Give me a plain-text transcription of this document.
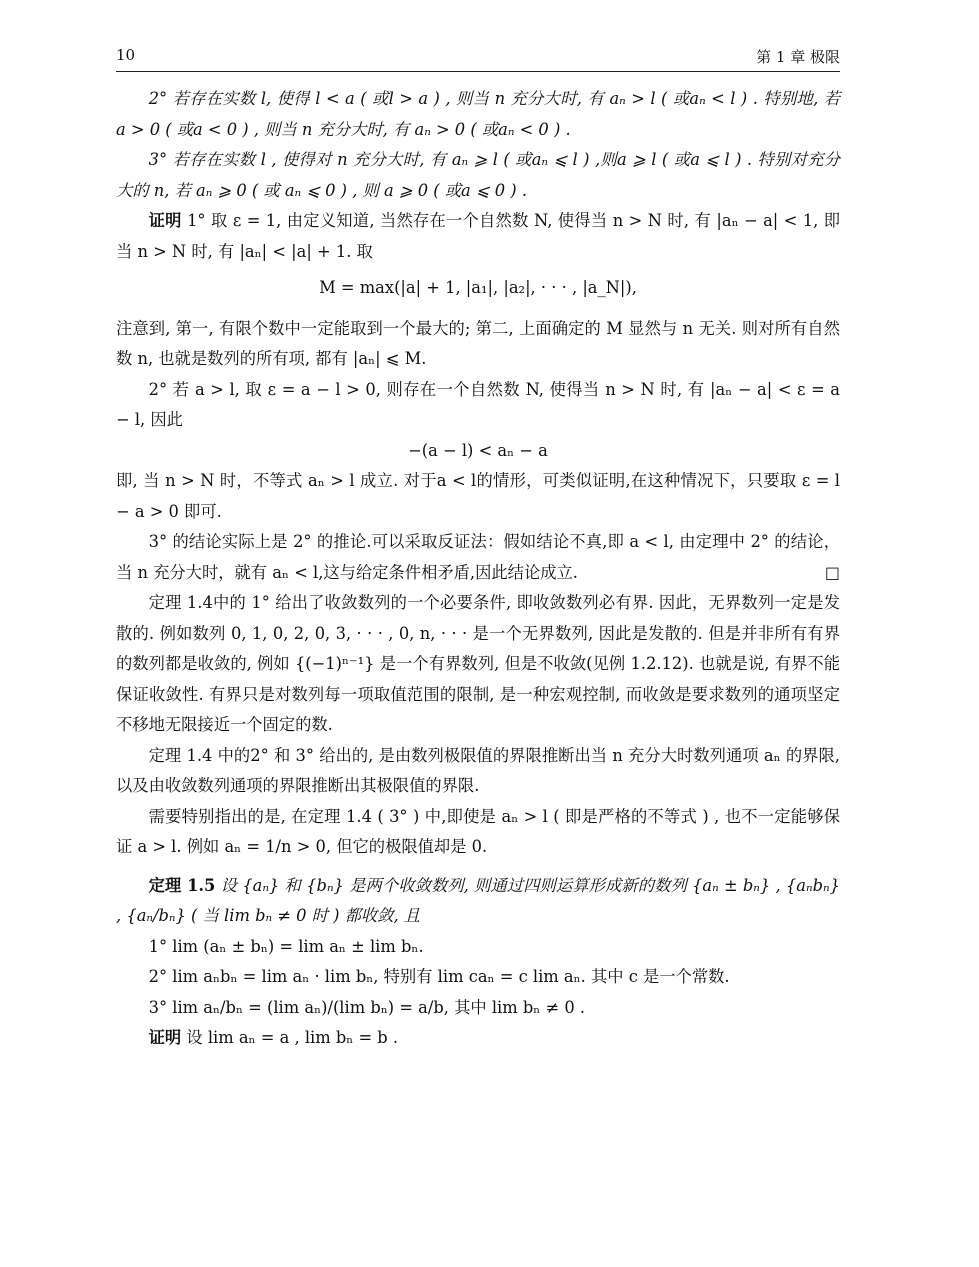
10	第 1 章 极限

2° 若存在实数 l, 使得 l < a ( 或l > a ) , 则当 n 充分大时, 有 aₙ > l ( 或aₙ < l ) . 特别地, 若 a > 0 ( 或a < 0 ) , 则当 n 充分大时, 有 aₙ > 0 ( 或aₙ < 0 ) .

3° 若存在实数 l , 使得对 n 充分大时, 有 aₙ ⩾ l ( 或aₙ ⩽ l ) ,则a ⩾ l ( 或a ⩽ l ) . 特别对充分大的 n, 若 aₙ ⩾ 0 ( 或 aₙ ⩽ 0 ) , 则 a ⩾ 0 ( 或a ⩽ 0 ) .

证明 1° 取 ε = 1, 由定义知道, 当然存在一个自然数 N, 使得当 n > N 时, 有 |aₙ − a| < 1, 即当 n > N 时, 有 |aₙ| < |a| + 1. 取

M = max(|a| + 1, |a₁|, |a₂|, · · · , |a_N|),

注意到, 第一, 有限个数中一定能取到一个最大的; 第二, 上面确定的 M 显然与 n 无关. 则对所有自然数 n, 也就是数列的所有项, 都有 |aₙ| ⩽ M.

2° 若 a > l, 取 ε = a − l > 0, 则存在一个自然数 N, 使得当 n > N 时, 有 |aₙ − a| < ε = a − l, 因此

−(a − l) < aₙ − a

即, 当 n > N 时，不等式 aₙ > l 成立. 对于a < l的情形，可类似证明,在这种情况下，只要取 ε = l − a > 0 即可.

3° 的结论实际上是 2° 的推论.可以采取反证法：假如结论不真,即 a < l, 由定理中 2° 的结论，当 n 充分大时，就有 aₙ < l,这与给定条件相矛盾,因此结论成立.	□

定理 1.4中的 1° 给出了收敛数列的一个必要条件, 即收敛数列必有界. 因此，无界数列一定是发散的. 例如数列 0, 1, 0, 2, 0, 3, · · · , 0, n, · · · 是一个无界数列, 因此是发散的. 但是并非所有有界的数列都是收敛的, 例如 {(−1)ⁿ⁻¹} 是一个有界数列, 但是不收敛(见例 1.2.12). 也就是说, 有界不能保证收敛性. 有界只是对数列每一项取值范围的限制, 是一种宏观控制, 而收敛是要求数列的通项坚定不移地无限接近一个固定的数.

定理 1.4 中的2° 和 3° 给出的, 是由数列极限值的界限推断出当 n 充分大时数列通项 aₙ 的界限, 以及由收敛数列通项的界限推断出其极限值的界限.

需要特别指出的是, 在定理 1.4 ( 3° ) 中,即使是 aₙ > l ( 即是严格的不等式 ) , 也不一定能够保证 a > l. 例如 aₙ = 1/n > 0, 但它的极限值却是 0.

定理 1.5 设 {aₙ} 和 {bₙ} 是两个收敛数列, 则通过四则运算形成新的数列 {aₙ ± bₙ} , {aₙbₙ} , {aₙ/bₙ} ( 当 lim bₙ ≠ 0 时 ) 都收敛, 且

1° lim (aₙ ± bₙ) = lim aₙ ± lim bₙ.

2° lim aₙbₙ = lim aₙ · lim bₙ, 特别有 lim caₙ = c lim aₙ. 其中 c 是一个常数.

3° lim aₙ/bₙ = (lim aₙ)/(lim bₙ) = a/b, 其中 lim bₙ ≠ 0 .

证明 设 lim aₙ = a , lim bₙ = b .
